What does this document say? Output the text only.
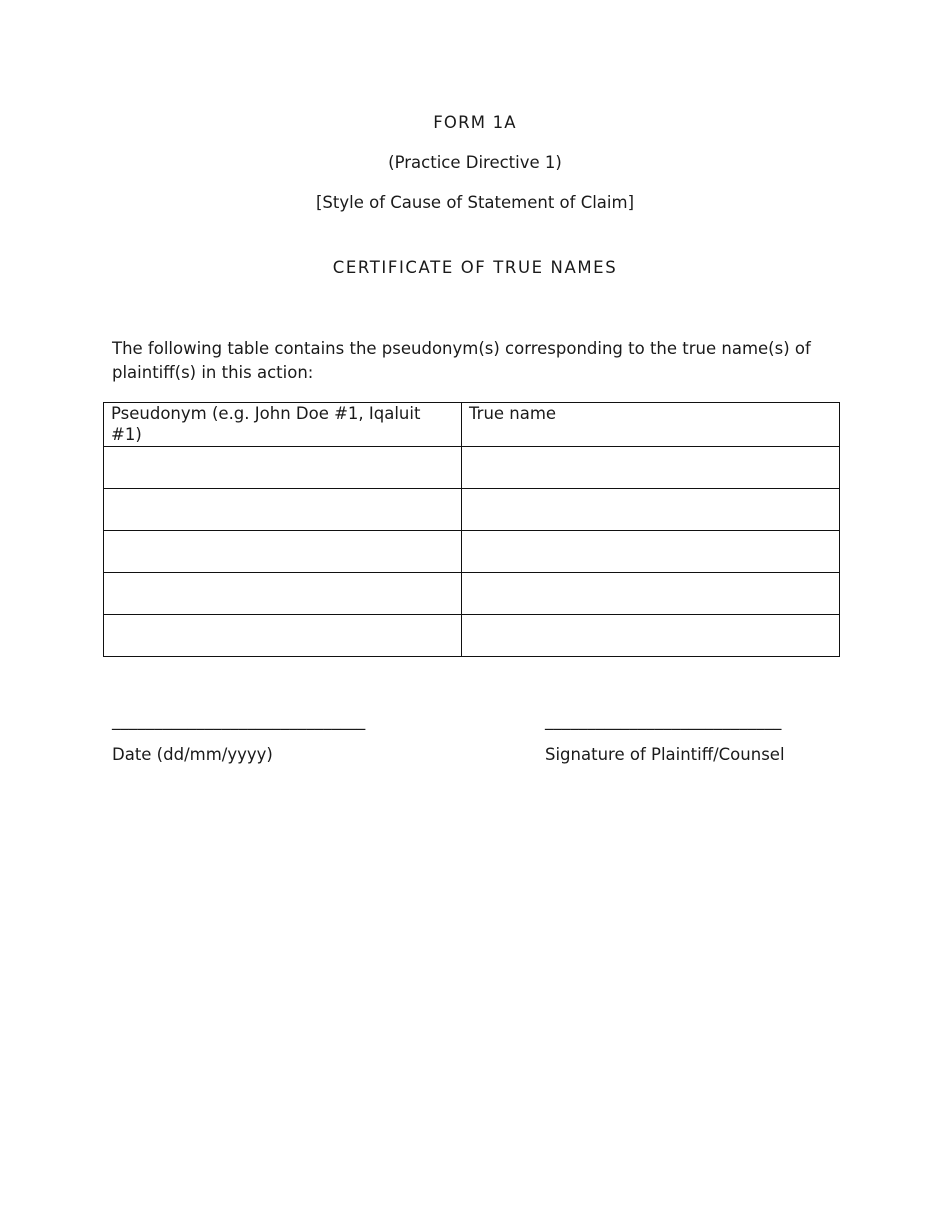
FORM 1A
(Practice Directive 1)
[Style of Cause of Statement of Claim]
CERTIFICATE OF TRUE NAMES
The following table contains the pseudonym(s) corresponding to the true name(s) of plaintiff(s) in this action:
Pseudonym (e.g. John Doe #1, Iqaluit #1)	True name

______________________________	____________________________
Date (dd/mm/yyyy)	Signature of Plaintiff/Counsel
